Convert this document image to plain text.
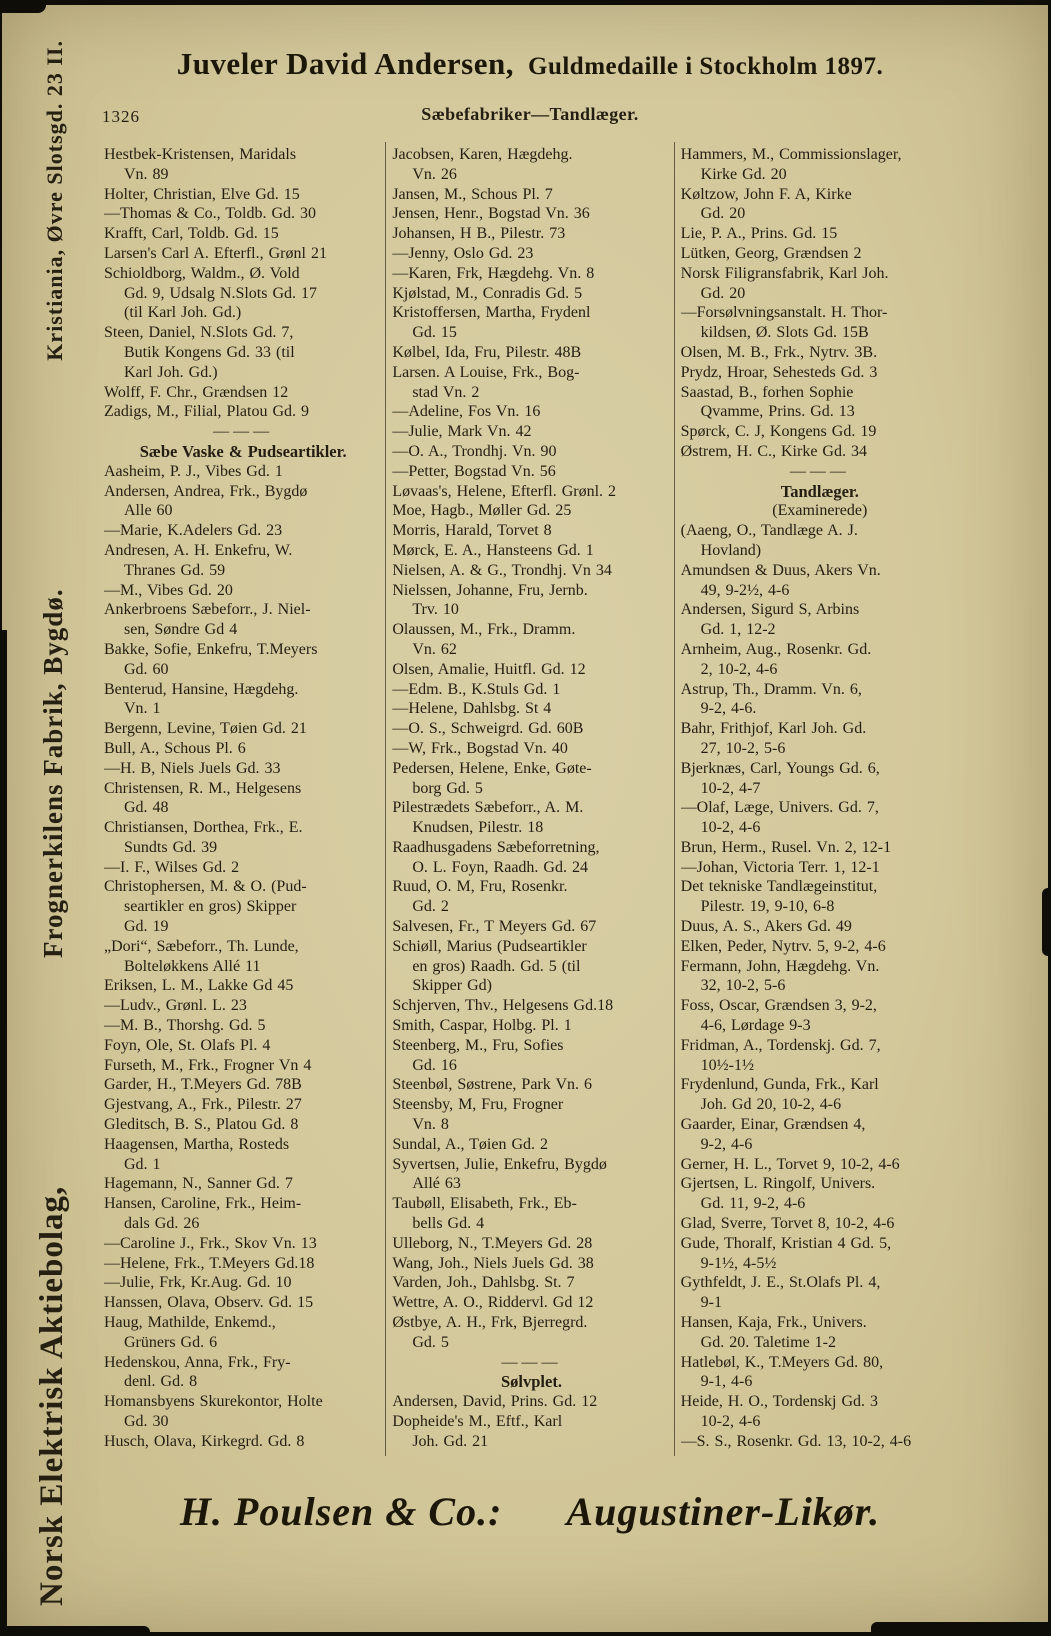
Norsk Elektrisk Aktiebolag,
Frognerkilens Fabrik, Bygdø.
Kristiania, Øvre Slotsgd. 23 II.	Juveler David Andersen, Guldmedaille i Stockholm 1897.
1326	Sæbefabriker—Tandlæger.
Hestbek-Kristensen, Maridals
Vn. 89
Holter, Christian, Elve Gd. 15
—Thomas & Co., Toldb. Gd. 30
Krafft, Carl, Toldb. Gd. 15
Larsen's Carl A. Efterfl., Grønl 21
Schioldborg, Waldm., Ø. Vold
Gd. 9, Udsalg N.Slots Gd. 17
(til Karl Joh. Gd.)
Steen, Daniel, N.Slots Gd. 7,
Butik Kongens Gd. 33 (til
Karl Joh. Gd.)
Wolff, F. Chr., Grændsen 12
Zadigs, M., Filial, Platou Gd. 9
———
Sæbe Vaske & Pudseartikler.
Aasheim, P. J., Vibes Gd. 1
Andersen, Andrea, Frk., Bygdø
Alle 60
—Marie, K.Adelers Gd. 23
Andresen, A. H. Enkefru, W.
Thranes Gd. 59
—M., Vibes Gd. 20
Ankerbroens Sæbeforr., J. Niel-
sen, Søndre Gd 4
Bakke, Sofie, Enkefru, T.Meyers
Gd. 60
Benterud, Hansine, Hægdehg.
Vn. 1
Bergenn, Levine, Tøien Gd. 21
Bull, A., Schous Pl. 6
—H. B, Niels Juels Gd. 33
Christensen, R. M., Helgesens
Gd. 48
Christiansen, Dorthea, Frk., E.
Sundts Gd. 39
—I. F., Wilses Gd. 2
Christophersen, M. & O. (Pud-
seartikler en gros) Skipper
Gd. 19
„Dori“, Sæbeforr., Th. Lunde,
Bolteløkkens Allé 11
Eriksen, L. M., Lakke Gd 45
—Ludv., Grønl. L. 23
—M. B., Thorshg. Gd. 5
Foyn, Ole, St. Olafs Pl. 4
Furseth, M., Frk., Frogner Vn 4
Garder, H., T.Meyers Gd. 78B
Gjestvang, A., Frk., Pilestr. 27
Gleditsch, B. S., Platou Gd. 8
Haagensen, Martha, Rosteds
Gd. 1
Hagemann, N., Sanner Gd. 7
Hansen, Caroline, Frk., Heim-
dals Gd. 26
—Caroline J., Frk., Skov Vn. 13
—Helene, Frk., T.Meyers Gd.18
—Julie, Frk, Kr.Aug. Gd. 10
Hanssen, Olava, Observ. Gd. 15
Haug, Mathilde, Enkemd.,
Grüners Gd. 6
Hedenskou, Anna, Frk., Fry-
denl. Gd. 8
Homansbyens Skurekontor, Holte
Gd. 30
Husch, Olava, Kirkegrd. Gd. 8
Jacobsen, Karen, Hægdehg.
Vn. 26
Jansen, M., Schous Pl. 7
Jensen, Henr., Bogstad Vn. 36
Johansen, H B., Pilestr. 73
—Jenny, Oslo Gd. 23
—Karen, Frk, Hægdehg. Vn. 8
Kjølstad, M., Conradis Gd. 5
Kristoffersen, Martha, Frydenl
Gd. 15
Kølbel, Ida, Fru, Pilestr. 48B
Larsen. A Louise, Frk., Bog-
stad Vn. 2
—Adeline, Fos Vn. 16
—Julie, Mark Vn. 42
—O. A., Trondhj. Vn. 90
—Petter, Bogstad Vn. 56
Løvaas's, Helene, Efterfl. Grønl. 2
Moe, Hagb., Møller Gd. 25
Morris, Harald, Torvet 8
Mørck, E. A., Hansteens Gd. 1
Nielsen, A. & G., Trondhj. Vn 34
Nielssen, Johanne, Fru, Jernb.
Trv. 10
Olaussen, M., Frk., Dramm.
Vn. 62
Olsen, Amalie, Huitfl. Gd. 12
—Edm. B., K.Stuls Gd. 1
—Helene, Dahlsbg. St 4
—O. S., Schweigrd. Gd. 60B
—W, Frk., Bogstad Vn. 40
Pedersen, Helene, Enke, Gøte-
borg Gd. 5
Pilestrædets Sæbeforr., A. M.
Knudsen, Pilestr. 18
Raadhusgadens Sæbeforretning,
O. L. Foyn, Raadh. Gd. 24
Ruud, O. M, Fru, Rosenkr.
Gd. 2
Salvesen, Fr., T Meyers Gd. 67
Schiøll, Marius (Pudseartikler
en gros) Raadh. Gd. 5 (til
Skipper Gd)
Schjerven, Thv., Helgesens Gd.18
Smith, Caspar, Holbg. Pl. 1
Steenberg, M., Fru, Sofies
Gd. 16
Steenbøl, Søstrene, Park Vn. 6
Steensby, M, Fru, Frogner
Vn. 8
Sundal, A., Tøien Gd. 2
Syvertsen, Julie, Enkefru, Bygdø
Allé 63
Taubøll, Elisabeth, Frk., Eb-
bells Gd. 4
Ulleborg, N., T.Meyers Gd. 28
Wang, Joh., Niels Juels Gd. 38
Varden, Joh., Dahlsbg. St. 7
Wettre, A. O., Riddervl. Gd 12
Østbye, A. H., Frk, Bjerregrd.
Gd. 5
———
Sølvplet.
Andersen, David, Prins. Gd. 12
Dopheide's M., Eftf., Karl
Joh. Gd. 21
Hammers, M., Commissionslager,
Kirke Gd. 20
Køltzow, John F. A, Kirke
Gd. 20
Lie, P. A., Prins. Gd. 15
Lütken, Georg, Grændsen 2
Norsk Filigransfabrik, Karl Joh.
Gd. 20
—Forsølvningsanstalt. H. Thor-
kildsen, Ø. Slots Gd. 15B
Olsen, M. B., Frk., Nytrv. 3B.
Prydz, Hroar, Sehesteds Gd. 3
Saastad, B., forhen Sophie
Qvamme, Prins. Gd. 13
Spørck, C. J, Kongens Gd. 19
Østrem, H. C., Kirke Gd. 34
———
Tandlæger.
(Examinerede)
(Aaeng, O., Tandlæge A. J.
Hovland)
Amundsen & Duus, Akers Vn.
49, 9-2½, 4-6
Andersen, Sigurd S, Arbins
Gd. 1, 12-2
Arnheim, Aug., Rosenkr. Gd.
2, 10-2, 4-6
Astrup, Th., Dramm. Vn. 6,
9-2, 4-6.
Bahr, Frithjof, Karl Joh. Gd.
27, 10-2, 5-6
Bjerknæs, Carl, Youngs Gd. 6,
10-2, 4-7
—Olaf, Læge, Univers. Gd. 7,
10-2, 4-6
Brun, Herm., Rusel. Vn. 2, 12-1
—Johan, Victoria Terr. 1, 12-1
Det tekniske Tandlægeinstitut,
Pilestr. 19, 9-10, 6-8
Duus, A. S., Akers Gd. 49
Elken, Peder, Nytrv. 5, 9-2, 4-6
Fermann, John, Hægdehg. Vn.
32, 10-2, 5-6
Foss, Oscar, Grændsen 3, 9-2,
4-6, Lørdage 9-3
Fridman, A., Tordenskj. Gd. 7,
10½-1½
Frydenlund, Gunda, Frk., Karl
Joh. Gd 20, 10-2, 4-6
Gaarder, Einar, Grændsen 4,
9-2, 4-6
Gerner, H. L., Torvet 9, 10-2, 4-6
Gjertsen, L. Ringolf, Univers.
Gd. 11, 9-2, 4-6
Glad, Sverre, Torvet 8, 10-2, 4-6
Gude, Thoralf, Kristian 4 Gd. 5,
9-1½, 4-5½
Gythfeldt, J. E., St.Olafs Pl. 4,
9-1
Hansen, Kaja, Frk., Univers.
Gd. 20. Taletime 1-2
Hatlebøl, K., T.Meyers Gd. 80,
9-1, 4-6
Heide, H. O., Tordenskj Gd. 3
10-2, 4-6
—S. S., Rosenkr. Gd. 13, 10-2, 4-6
H. Poulsen & Co.: Augustiner-Likør.
